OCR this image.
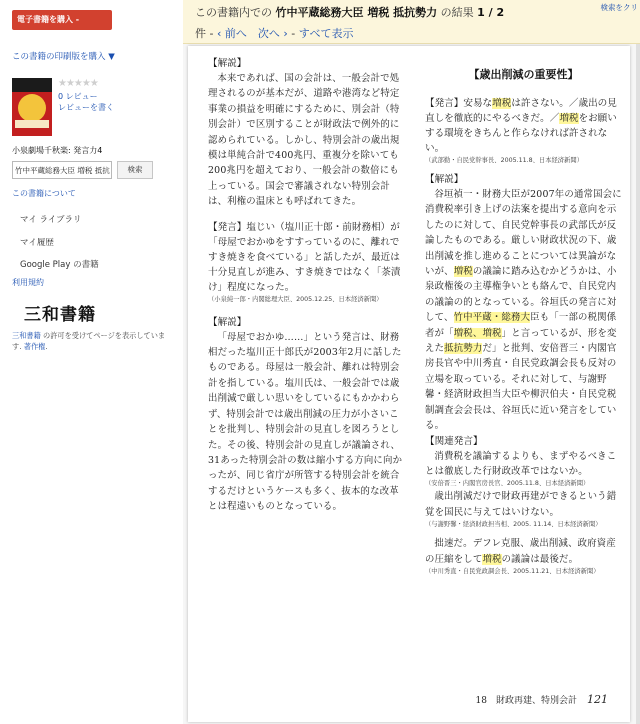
電子書籍を購入 - ¥2,250
この書籍の印刷版を購入 ▼
★★★★★
0 レビュー
レビューを書く
小泉劇場千秋楽: 発言力4
竹中平蔵総務大臣 増税 抵抗	検索
この書籍について
マイ ライブラリ
マイ履歴
Google Play の書籍
利用規約
三和書籍
三和書籍 の許可を受けてページを表示しています. 著作権.
この書籍内での 竹中平蔵総務大臣 増税 抵抗勢力 の結果 1 / 2
件 - ‹ 前へ　 次へ › - すべて表示
検索をクリ
【解説】
本来であれば、国の会計は、一般会計で処理されるのが基本だが、道路や港湾など特定事業の損益を明確にするために、別会計（特別会計）で区別することが財政法で例外的に認められている。しかし、特別会計の歳出規模は単純合計で400兆円、重複分を除いても200兆円を超えており、一般会計の数倍にも上っている。国会で審議されない特別会計は、利権の温床とも呼ばれてきた。
【発言】塩じい（塩川正十郎・前財務相）が「母屋でおかゆをすすっているのに、離れですき焼きを食べている」と話したが、最近は十分見直しが進み、すき焼きではなく「茶漬け」程度になった。
（小泉純一郎・内閣総理大臣、2005.12.25、日本経済新聞）
【解説】
「母屋でおかゆ……」という発言は、財務相だった塩川正十郎氏が2003年2月に話したものである。母屋は一般会計、離れは特別会計を指している。塩川氏は、一般会計では歳出削減で厳しい思いをしているにもかかわらず、特別会計では歳出削減の圧力が小さいことを批判し、特別会計の見直しを図ろうとした。その後、特別会計の見直しが議論され、31あった特別会計の数は縮小する方向に向かったが、同じ省庁が所管する特別会計を統合するだけというケースも多く、抜本的な改革とは程遠いものとなっている。
【歳出削減の重要性】
【発言】安易な増税は許さない。／歳出の見直しを徹底的にやるべきだ。／増税をお願いする環境をきちんと作らなければ許されない。
（武部勤・自民党幹事長、2005.11.8、日本経済新聞）
【解説】
谷垣禎一・財務大臣が2007年の通常国会に消費税率引き上げの法案を提出する意向を示したのに対して、自民党幹事長の武部氏が反論したものである。厳しい財政状況の下、歳出削減を推し進めることについては異論がないが、増税の議論に踏み込むかどうかは、小泉政権後の主導権争いとも絡んで、自民党内の議論の的となっている。谷垣氏の発言に対して、竹中平蔵・総務大臣も「一部の税関係者が「増税、増税」と言っているが、形を変えた抵抗勢力だ」と批判、安倍晋三・内閣官房長官や中川秀直・自民党政調会長も反対の立場を取っている。それに対して、与謝野馨・経済財政担当大臣や柳沢伯夫・自民党税制調査会会長は、谷垣氏に近い発言をしている。
【関連発言】
消費税を議論するよりも、まずやるべきことは徹底した行財政改革ではないか。
（安倍晋三・内閣官房長官、2005.11.8、日本経済新聞）
歳出削減だけで財政再建ができるという錯覚を国民に与えてはいけない。
（与謝野馨・経済財政担当相、2005. 11.14、日本経済新聞）
拙速だ。デフレ克服、歳出削減、政府資産の圧縮をして増税の議論は最後だ。
（中川秀直・自民党政調会長、2005.11.21、日本経済新聞）
18　財政再建、特別会計 121
